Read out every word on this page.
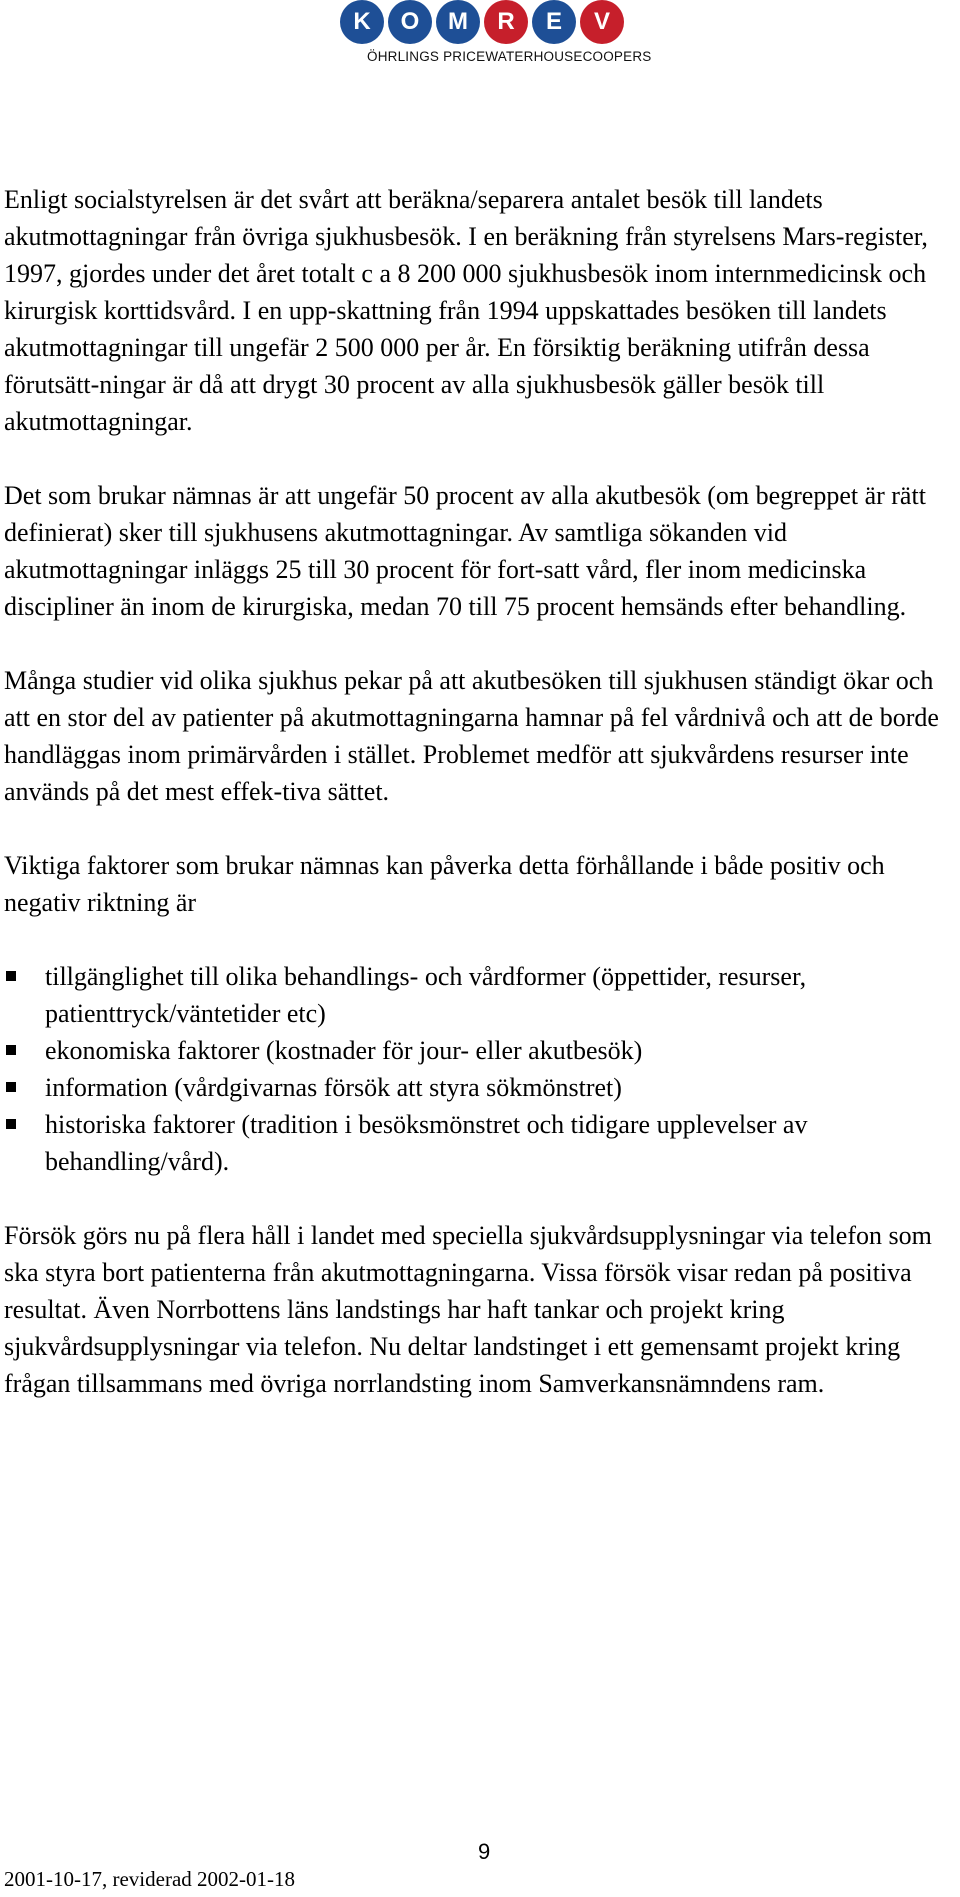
K	O	M	R	E	V
ÖHRLINGS PRICEWATERHOUSECOOPERS

Enligt socialstyrelsen är det svårt att beräkna/separera antalet besök till landets akutmottagningar från övriga sjukhusbesök. I en beräkning från styrelsens Mars-register, 1997, gjordes under det året totalt c a 8 200 000 sjukhusbesök inom internmedicinsk och kirurgisk korttidsvård. I en upp-skattning från 1994 uppskattades besöken till landets akutmottagningar till ungefär 2 500 000 per år. En försiktig beräkning utifrån dessa förutsätt-ningar är då att drygt 30 procent av alla sjukhusbesök gäller besök till akutmottagningar.

Det som brukar nämnas är att ungefär 50 procent av alla akutbesök (om begreppet är rätt definierat) sker till sjukhusens akutmottagningar. Av samtliga sökanden vid akutmottagningar inläggs 25 till 30 procent för fort-satt vård, fler inom medicinska discipliner än inom de kirurgiska, medan 70 till 75 procent hemsänds efter behandling.

Många studier vid olika sjukhus pekar på att akutbesöken till sjukhusen ständigt ökar och att en stor del av patienter på akutmottagningarna hamnar på fel vårdnivå och att de borde handläggas inom primärvården i stället. Problemet medför att sjukvårdens resurser inte används på det mest effek-tiva sättet.

Viktiga faktorer som brukar nämnas kan påverka detta förhållande i både positiv och negativ riktning är

tillgänglighet till olika behandlings- och vårdformer (öppettider, resurser, patienttryck/väntetider etc)
ekonomiska faktorer (kostnader för jour- eller akutbesök)
information (vårdgivarnas försök att styra sökmönstret)
historiska faktorer (tradition i besöksmönstret och tidigare upplevelser av behandling/vård).

Försök görs nu på flera håll i landet med speciella sjukvårdsupplysningar via telefon som ska styra bort patienterna från akutmottagningarna. Vissa försök visar redan på positiva resultat. Även Norrbottens läns landstings har haft tankar och projekt kring sjukvårdsupplysningar via telefon. Nu deltar landstinget i ett gemensamt projekt kring frågan tillsammans med övriga norrlandsting inom Samverkansnämndens ram.

9
2001-10-17, reviderad 2002-01-18
